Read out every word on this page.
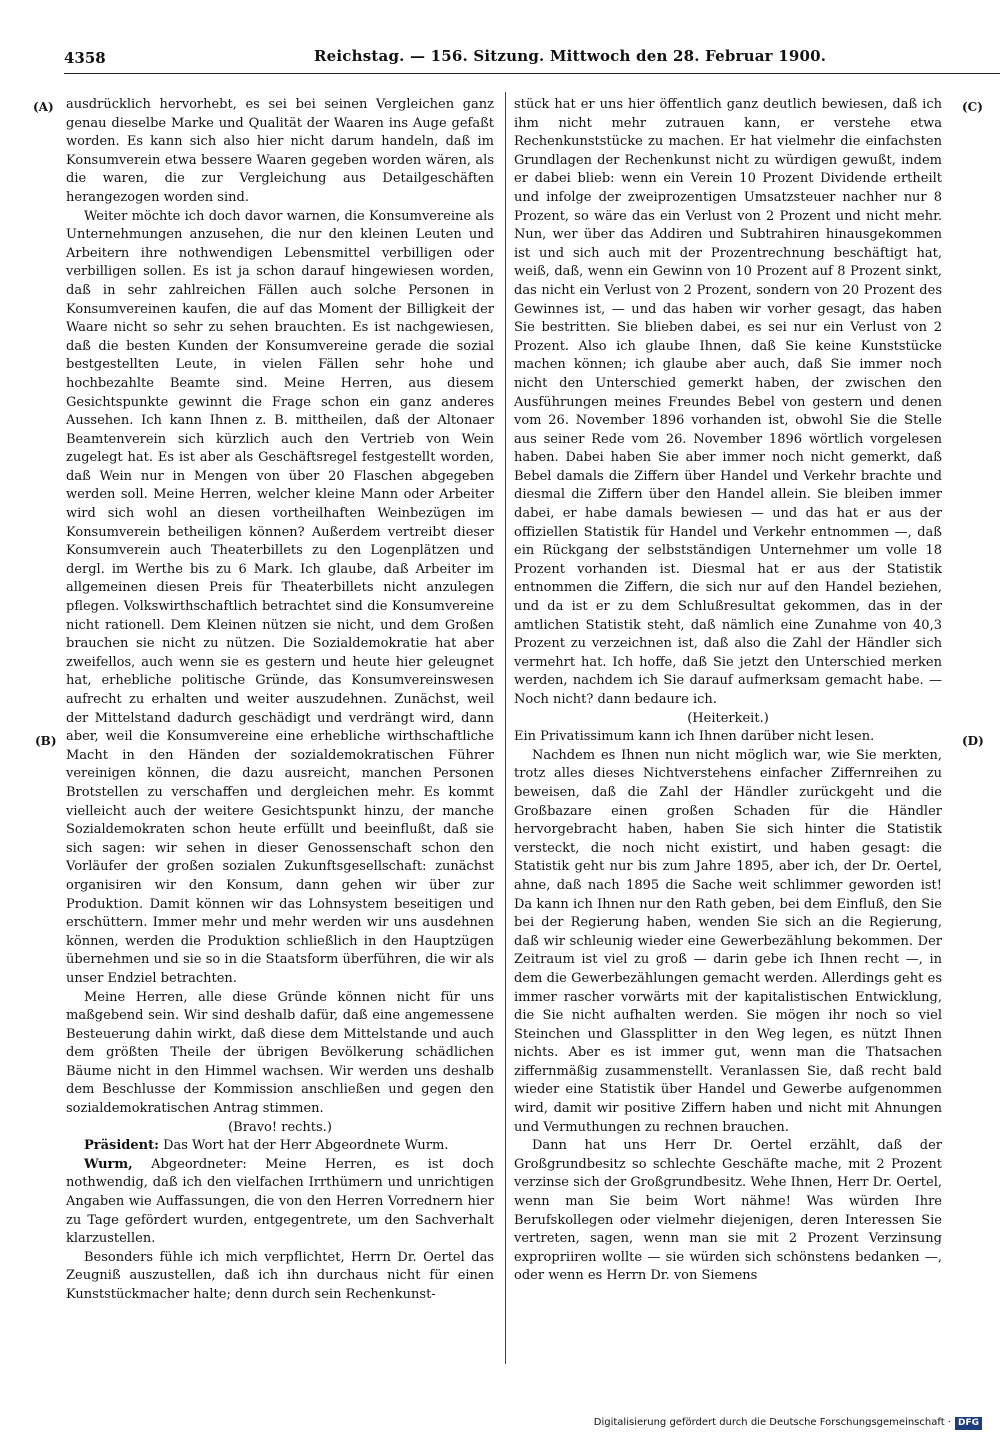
4358	Reichstag. — 156. Sitzung. Mittwoch den 28. Februar 1900.
(A)
(B)
(C)
(D)

ausdrücklich hervorhebt, es sei bei seinen Vergleichen ganz genau dieselbe Marke und Qualität der Waaren ins Auge gefaßt worden. Es kann sich also hier nicht darum handeln, daß im Konsumverein etwa bessere Waaren gegeben worden wären, als die waren, die zur Vergleichung aus Detailgeschäften herangezogen worden sind.

Weiter möchte ich doch davor warnen, die Konsumvereine als Unternehmungen anzusehen, die nur den kleinen Leuten und Arbeitern ihre nothwendigen Lebensmittel verbilligen oder verbilligen sollen. Es ist ja schon darauf hingewiesen worden, daß in sehr zahlreichen Fällen auch solche Personen in Konsumvereinen kaufen, die auf das Moment der Billigkeit der Waare nicht so sehr zu sehen brauchten. Es ist nachgewiesen, daß die besten Kunden der Konsumvereine gerade die sozial bestgestellten Leute, in vielen Fällen sehr hohe und hochbezahlte Beamte sind. Meine Herren, aus diesem Gesichtspunkte gewinnt die Frage schon ein ganz anderes Aussehen. Ich kann Ihnen z. B. mittheilen, daß der Altonaer Beamtenverein sich kürzlich auch den Vertrieb von Wein zugelegt hat. Es ist aber als Geschäftsregel festgestellt worden, daß Wein nur in Mengen von über 20 Flaschen abgegeben werden soll. Meine Herren, welcher kleine Mann oder Arbeiter wird sich wohl an diesen vortheilhaften Weinbezügen im Konsumverein betheiligen können? Außerdem vertreibt dieser Konsumverein auch Theaterbillets zu den Logenplätzen und dergl. im Werthe bis zu 6 Mark. Ich glaube, daß Arbeiter im allgemeinen diesen Preis für Theaterbillets nicht anzulegen pflegen. Volkswirthschaftlich betrachtet sind die Konsumvereine nicht rationell. Dem Kleinen nützen sie nicht, und dem Großen brauchen sie nicht zu nützen. Die Sozialdemokratie hat aber zweifellos, auch wenn sie es gestern und heute hier geleugnet hat, erhebliche politische Gründe, das Konsumvereinswesen aufrecht zu erhalten und weiter auszudehnen. Zunächst, weil der Mittelstand dadurch geschädigt und verdrängt wird, dann aber, weil die Konsumvereine eine erhebliche wirthschaftliche Macht in den Händen der sozialdemokratischen Führer vereinigen können, die dazu ausreicht, manchen Personen Brotstellen zu verschaffen und dergleichen mehr. Es kommt vielleicht auch der weitere Gesichtspunkt hinzu, der manche Sozialdemokraten schon heute erfüllt und beeinflußt, daß sie sich sagen: wir sehen in dieser Genossenschaft schon den Vorläufer der großen sozialen Zukunftsgesellschaft: zunächst organisiren wir den Konsum, dann gehen wir über zur Produktion. Damit können wir das Lohnsystem beseitigen und erschüttern. Immer mehr und mehr werden wir uns ausdehnen können, werden die Produktion schließlich in den Hauptzügen übernehmen und sie so in die Staatsform überführen, die wir als unser Endziel betrachten.

Meine Herren, alle diese Gründe können nicht für uns maßgebend sein. Wir sind deshalb dafür, daß eine angemessene Besteuerung dahin wirkt, daß diese dem Mittelstande und auch dem größten Theile der übrigen Bevölkerung schädlichen Bäume nicht in den Himmel wachsen. Wir werden uns deshalb dem Beschlusse der Kommission anschließen und gegen den sozialdemokratischen Antrag stimmen.

(Bravo! rechts.)

Präsident: Das Wort hat der Herr Abgeordnete Wurm.

Wurm, Abgeordneter: Meine Herren, es ist doch nothwendig, daß ich den vielfachen Irrthümern und unrichtigen Angaben wie Auffassungen, die von den Herren Vorrednern hier zu Tage gefördert wurden, entgegentrete, um den Sachverhalt klarzustellen.

Besonders fühle ich mich verpflichtet, Herrn Dr. Oertel das Zeugniß auszustellen, daß ich ihn durchaus nicht für einen Kunststückmacher halte; denn durch sein Rechenkunst-

stück hat er uns hier öffentlich ganz deutlich bewiesen, daß ich ihm nicht mehr zutrauen kann, er verstehe etwa Rechenkunststücke zu machen. Er hat vielmehr die einfachsten Grundlagen der Rechenkunst nicht zu würdigen gewußt, indem er dabei blieb: wenn ein Verein 10 Prozent Dividende ertheilt und infolge der zweiprozentigen Umsatzsteuer nachher nur 8 Prozent, so wäre das ein Verlust von 2 Prozent und nicht mehr. Nun, wer über das Addiren und Subtrahiren hinausgekommen ist und sich auch mit der Prozentrechnung beschäftigt hat, weiß, daß, wenn ein Gewinn von 10 Prozent auf 8 Prozent sinkt, das nicht ein Verlust von 2 Prozent, sondern von 20 Prozent des Gewinnes ist, — und das haben wir vorher gesagt, das haben Sie bestritten. Sie blieben dabei, es sei nur ein Verlust von 2 Prozent. Also ich glaube Ihnen, daß Sie keine Kunststücke machen können; ich glaube aber auch, daß Sie immer noch nicht den Unterschied gemerkt haben, der zwischen den Ausführungen meines Freundes Bebel von gestern und denen vom 26. November 1896 vorhanden ist, obwohl Sie die Stelle aus seiner Rede vom 26. November 1896 wörtlich vorgelesen haben. Dabei haben Sie aber immer noch nicht gemerkt, daß Bebel damals die Ziffern über Handel und Verkehr brachte und diesmal die Ziffern über den Handel allein. Sie bleiben immer dabei, er habe damals bewiesen — und das hat er aus der offiziellen Statistik für Handel und Verkehr entnommen —, daß ein Rückgang der selbstständigen Unternehmer um volle 18 Prozent vorhanden ist. Diesmal hat er aus der Statistik entnommen die Ziffern, die sich nur auf den Handel beziehen, und da ist er zu dem Schlußresultat gekommen, das in der amtlichen Statistik steht, daß nämlich eine Zunahme von 40,3 Prozent zu verzeichnen ist, daß also die Zahl der Händler sich vermehrt hat. Ich hoffe, daß Sie jetzt den Unterschied merken werden, nachdem ich Sie darauf aufmerksam gemacht habe. — Noch nicht? dann bedaure ich.

(Heiterkeit.)

Ein Privatissimum kann ich Ihnen darüber nicht lesen.

Nachdem es Ihnen nun nicht möglich war, wie Sie merkten, trotz alles dieses Nichtverstehens einfacher Ziffernreihen zu beweisen, daß die Zahl der Händler zurückgeht und die Großbazare einen großen Schaden für die Händler hervorgebracht haben, haben Sie sich hinter die Statistik versteckt, die noch nicht existirt, und haben gesagt: die Statistik geht nur bis zum Jahre 1895, aber ich, der Dr. Oertel, ahne, daß nach 1895 die Sache weit schlimmer geworden ist! Da kann ich Ihnen nur den Rath geben, bei dem Einfluß, den Sie bei der Regierung haben, wenden Sie sich an die Regierung, daß wir schleunig wieder eine Gewerbezählung bekommen. Der Zeitraum ist viel zu groß — darin gebe ich Ihnen recht —, in dem die Gewerbezählungen gemacht werden. Allerdings geht es immer rascher vorwärts mit der kapitalistischen Entwicklung, die Sie nicht aufhalten werden. Sie mögen ihr noch so viel Steinchen und Glassplitter in den Weg legen, es nützt Ihnen nichts. Aber es ist immer gut, wenn man die Thatsachen ziffernmäßig zusammenstellt. Veranlassen Sie, daß recht bald wieder eine Statistik über Handel und Gewerbe aufgenommen wird, damit wir positive Ziffern haben und nicht mit Ahnungen und Vermuthungen zu rechnen brauchen.

Dann hat uns Herr Dr. Oertel erzählt, daß der Großgrundbesitz so schlechte Geschäfte mache, mit 2 Prozent verzinse sich der Großgrundbesitz. Wehe Ihnen, Herr Dr. Oertel, wenn man Sie beim Wort nähme! Was würden Ihre Berufskollegen oder vielmehr diejenigen, deren Interessen Sie vertreten, sagen, wenn man sie mit 2 Prozent Verzinsung expropriiren wollte — sie würden sich schönstens bedanken —, oder wenn es Herrn Dr. von Siemens

Digitalisierung gefördert durch die Deutsche Forschungsgemeinschaft · DFG
